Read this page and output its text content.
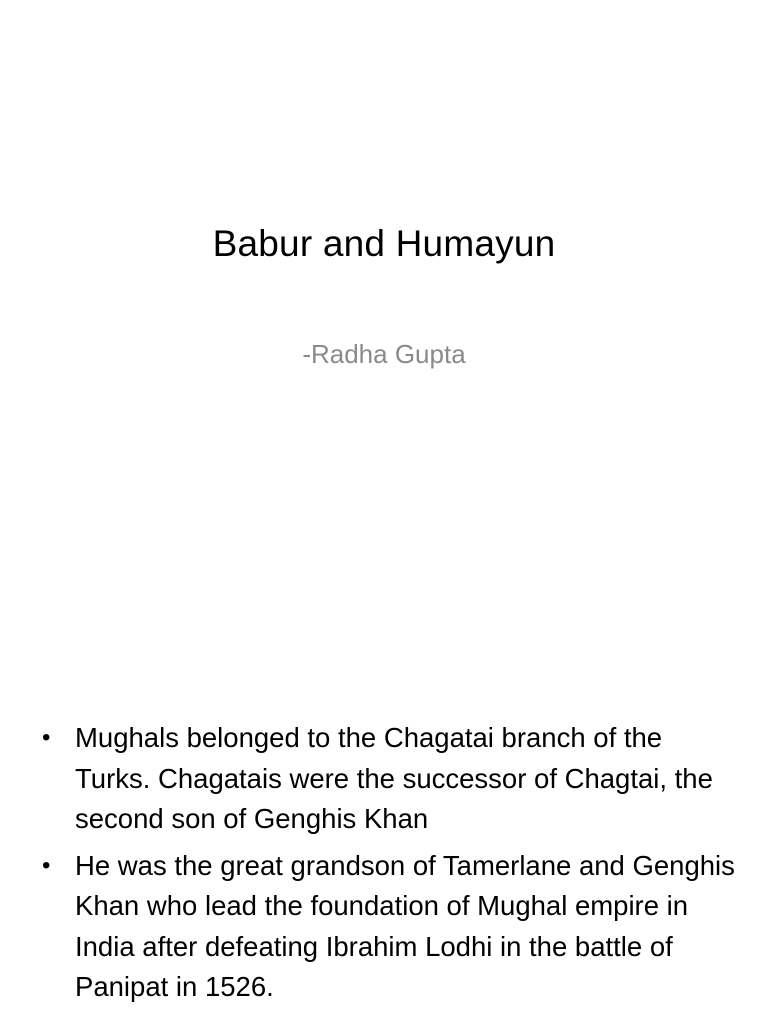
Babur and Humayun
-Radha Gupta
• Mughals belonged to the Chagatai branch of the Turks. Chagatais were the successor of Chagtai, the second son of Genghis Khan
• He was the great grandson of Tamerlane and Genghis Khan who lead the foundation of Mughal empire in India after defeating Ibrahim Lodhi in the battle of Panipat in 1526.
